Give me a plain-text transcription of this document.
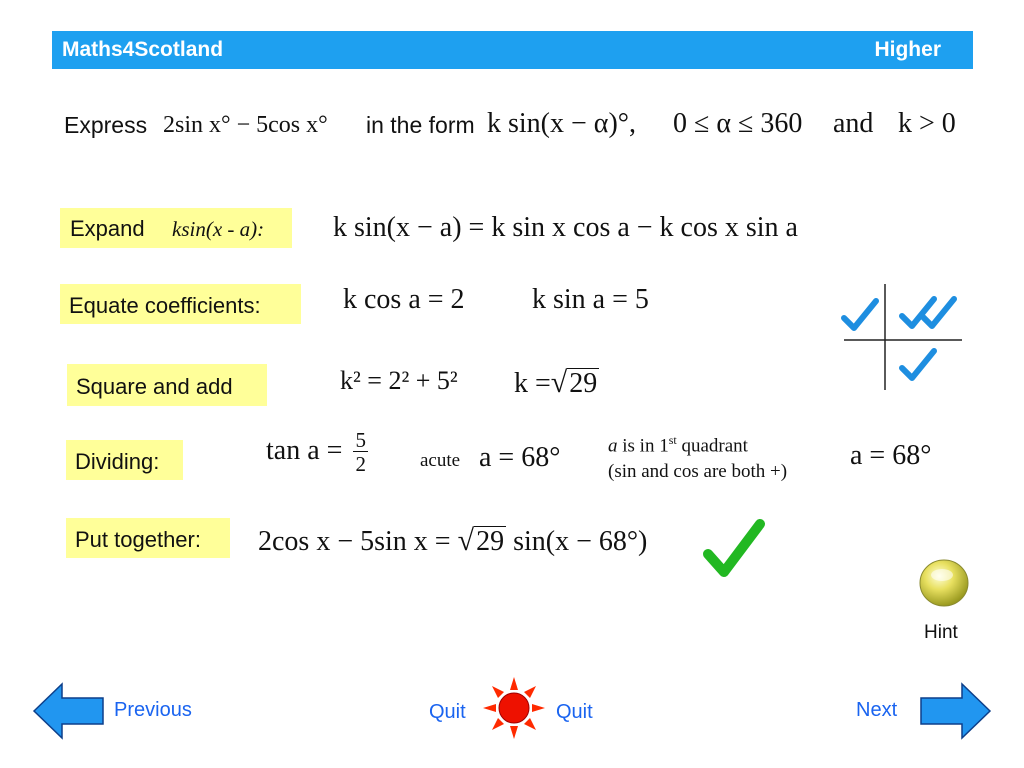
Maths4Scotland	Higher
Express 2sin x° − 5cos x° in the form k sin(x − α)°, 0 ≤ α ≤ 360 and k > 0
Expand ksin(x - a): k sin(x − a) = k sin x cos a − k cos x sin a
Equate coefficients:	k cos a = 2 k sin a = 5
Square and add	k² = 2² + 5² k =√29
Dividing:	$\tan a = \frac{5}{2}$	acute a = 68°	a is in 1st quadrant
(sin and cos are both +)
a = 68°
Put together: 2cos x − 5sin x = √29 sin(x − 68°)
Hint
Previous	Quit	Quit	Next
